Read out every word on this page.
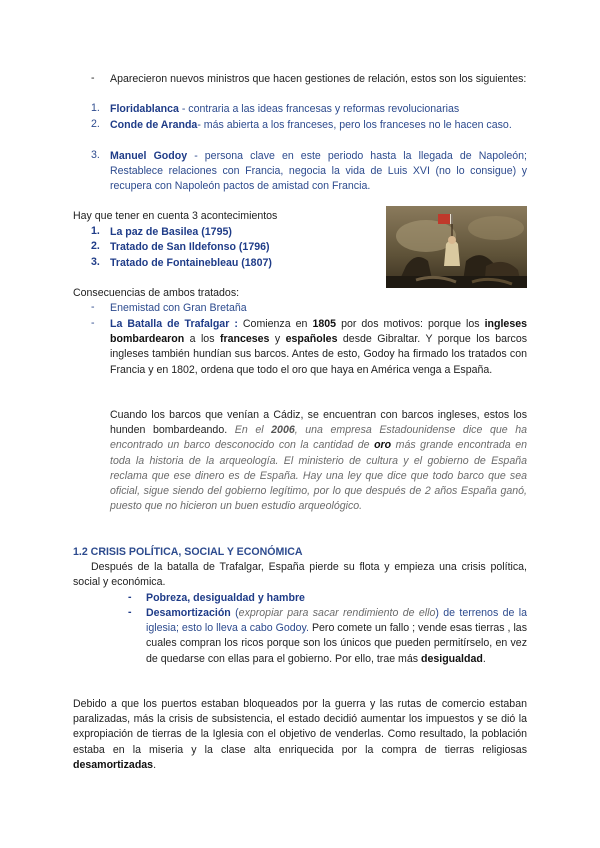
- Aparecieron nuevos ministros que hacen gestiones de relación, estos son los siguientes:
1. Floridablanca - contraria a las ideas francesas y reformas revolucionarias
2. Conde de Aranda- más abierta a los franceses, pero los franceses no le hacen caso.
3. Manuel Godoy - persona clave en este periodo hasta la llegada de Napoleón; Restablece relaciones con Francia, negocia la vida de Luis XVI (no lo consigue) y recupera con Napoleón pactos de amistad con Francia.
Hay que tener en cuenta 3 acontecimientos
1. La paz de Basilea (1795)
2. Tratado de San Ildefonso (1796)
3. Tratado de Fontainebleau (1807)
Consecuencias de ambos tratados:
- Enemistad con Gran Bretaña
- La Batalla de Trafalgar : Comienza en 1805 por dos motivos: porque los ingleses bombardearon a los franceses y españoles desde Gibraltar. Y porque los barcos ingleses también hundían sus barcos. Antes de esto, Godoy ha firmado los tratados con Francia y en 1802, ordena que todo el oro que haya en América venga a España.
Cuando los barcos que venían a Cádiz, se encuentran con barcos ingleses, estos los hunden bombardeando. En el 2006, una empresa Estadounidense dice que ha encontrado un barco desconocido con la cantidad de oro más grande encontrada en toda la historia de la arqueología. El ministerio de cultura y el gobierno de España reclama que ese dinero es de España. Hay una ley que dice que todo barco que sea oficial, sigue siendo del gobierno legítimo, por lo que después de 2 años España ganó, puesto que no hicieron un buen estudio arqueológico.
1.2 CRISIS POLÍTICA, SOCIAL Y ECONÓMICA
Después de la batalla de Trafalgar, España pierde su flota y empieza una crisis política, social y económica.
- Pobreza, desigualdad y hambre
- Desamortización (expropiar para sacar rendimiento de ello) de terrenos de la iglesia; esto lo lleva a cabo Godoy. Pero comete un fallo ; vende esas tierras , las cuales compran los ricos porque son los únicos que pueden permitírselo, en vez de quedarse con ellas para el gobierno. Por ello, trae más desigualdad.
Debido a que los puertos estaban bloqueados por la guerra y las rutas de comercio estaban paralizadas, más la crisis de subsistencia, el estado decidió aumentar los impuestos y se dió la expropiación de tierras de la Iglesia con el objetivo de venderlas. Como resultado, la población estaba en la miseria y la clase alta enriquecida por la compra de tierras religiosas desamortizadas.
